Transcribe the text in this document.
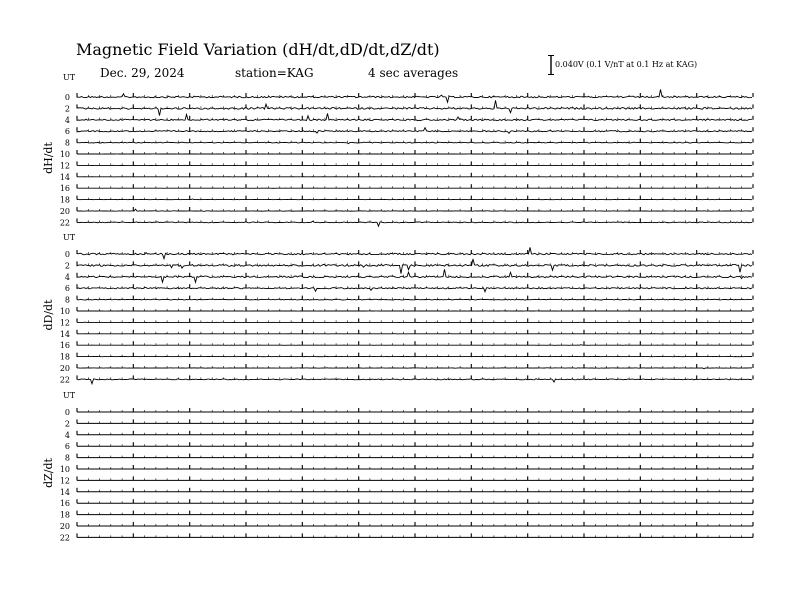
Magnetic Field Variation (dH/dt,dD/dt,dZ/dt)
Dec. 29, 2024	station=KAG	4 sec averages
0.040V (0.1 V/nT at 0.1 Hz at KAG)
UT
dH/dt
0
2
4
6
8
10
12
14
16
18
20
22
UT
dD/dt
0
2
4
6
8
10
12
14
16
18
20
22
UT
dZ/dt
0
2
4
6
8
10
12
14
16
18
20
22
